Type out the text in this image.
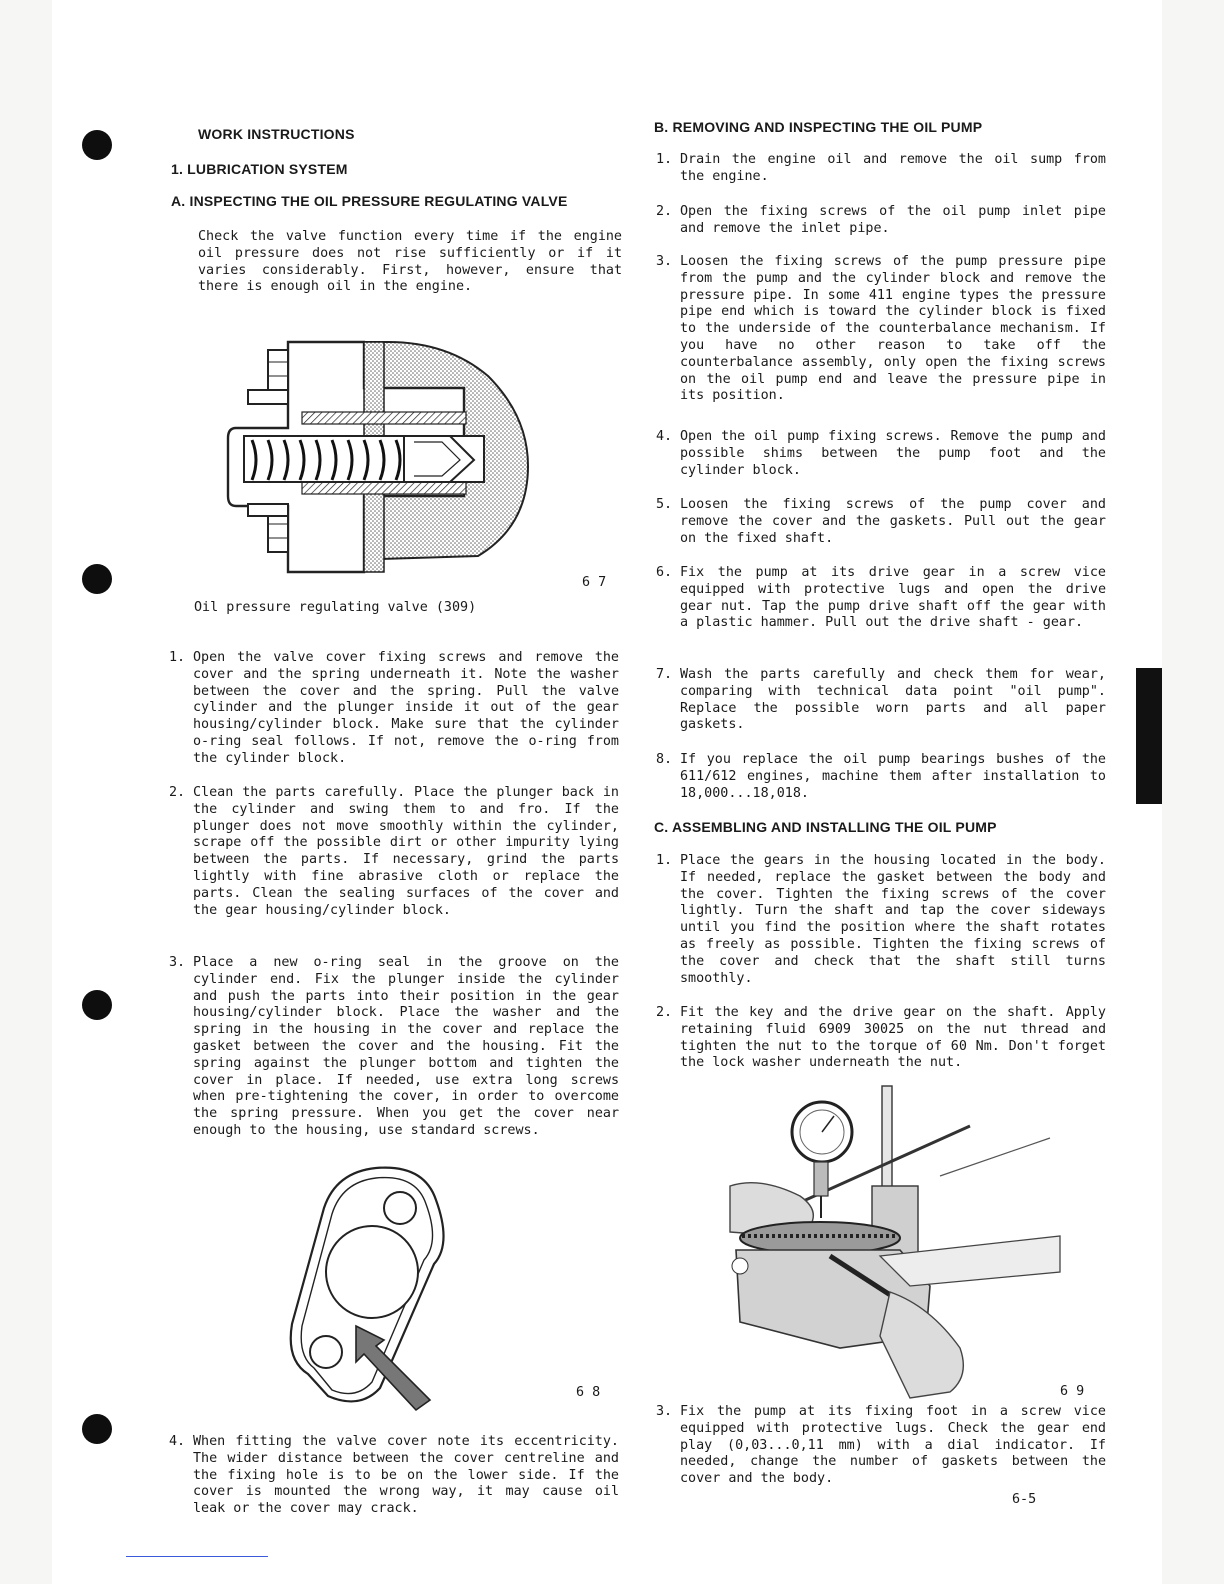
WORK INSTRUCTIONS
1. LUBRICATION SYSTEM
A. INSPECTING THE OIL PRESSURE REGULATING VALVE
Check the valve function every time if the engine oil pressure does not rise sufficiently or if it varies considerably. First, however, ensure that there is enough oil in the engine.
6 7
Oil pressure regulating valve (309)
1. Open the valve cover fixing screws and remove the cover and the spring underneath it. Note the washer between the cover and the spring. Pull the valve cylinder and the plunger inside it out of the gear housing/cylinder block. Make sure that the cylinder o-ring seal follows. If not, remove the o-ring from the cylinder block.
2. Clean the parts carefully. Place the plunger back in the cylinder and swing them to and fro. If the plunger does not move smoothly within the cylinder, scrape off the possible dirt or other impurity lying between the parts. If necessary, grind the parts lightly with fine abrasive cloth or replace the parts. Clean the sealing surfaces of the cover and the gear housing/cylinder block.
3. Place a new o-ring seal in the groove on the cylinder end. Fix the plunger inside the cylinder and push the parts into their position in the gear housing/cylinder block. Place the washer and the spring in the housing in the cover and replace the gasket between the cover and the housing. Fit the spring against the plunger bottom and tighten the cover in place. If needed, use extra long screws when pre-tightening the cover, in order to overcome the spring pressure. When you get the cover near enough to the housing, use standard screws.
6 8
4. When fitting the valve cover note its eccentricity. The wider distance between the cover centreline and the fixing hole is to be on the lower side. If the cover is mounted the wrong way, it may cause oil leak or the cover may crack.
B. REMOVING AND INSPECTING THE OIL PUMP
1. Drain the engine oil and remove the oil sump from the engine.
2. Open the fixing screws of the oil pump inlet pipe and remove the inlet pipe.
3. Loosen the fixing screws of the pump pressure pipe from the pump and the cylinder block and remove the pressure pipe. In some 411 engine types the pressure pipe end which is toward the cylinder block is fixed to the underside of the counterbalance mechanism. If you have no other reason to take off the counterbalance assembly, only open the fixing screws on the oil pump end and leave the pressure pipe in its position.
4. Open the oil pump fixing screws. Remove the pump and possible shims between the pump foot and the cylinder block.
5. Loosen the fixing screws of the pump cover and remove the cover and the gaskets. Pull out the gear on the fixed shaft.
6. Fix the pump at its drive gear in a screw vice equipped with protective lugs and open the drive gear nut. Tap the pump drive shaft off the gear with a plastic hammer. Pull out the drive shaft - gear.
7. Wash the parts carefully and check them for wear, comparing with technical data point "oil pump". Replace the possible worn parts and all paper gaskets.
8. If you replace the oil pump bearings bushes of the 611/612 engines, machine them after installation to 18,000...18,018.
C. ASSEMBLING AND INSTALLING THE OIL PUMP
1. Place the gears in the housing located in the body. If needed, replace the gasket between the body and the cover. Tighten the fixing screws of the cover lightly. Turn the shaft and tap the cover sideways until you find the position where the shaft rotates as freely as possible. Tighten the fixing screws of the cover and check that the shaft still turns smoothly.
2. Fit the key and the drive gear on the shaft. Apply retaining fluid 6909 30025 on the nut thread and tighten the nut to the torque of 60 Nm. Don't forget the lock washer underneath the nut.
6 9
3. Fix the pump at its fixing foot in a screw vice equipped with protective lugs. Check the gear end play (0,03...0,11 mm) with a dial indicator. If needed, change the number of gaskets between the cover and the body.
6-5
